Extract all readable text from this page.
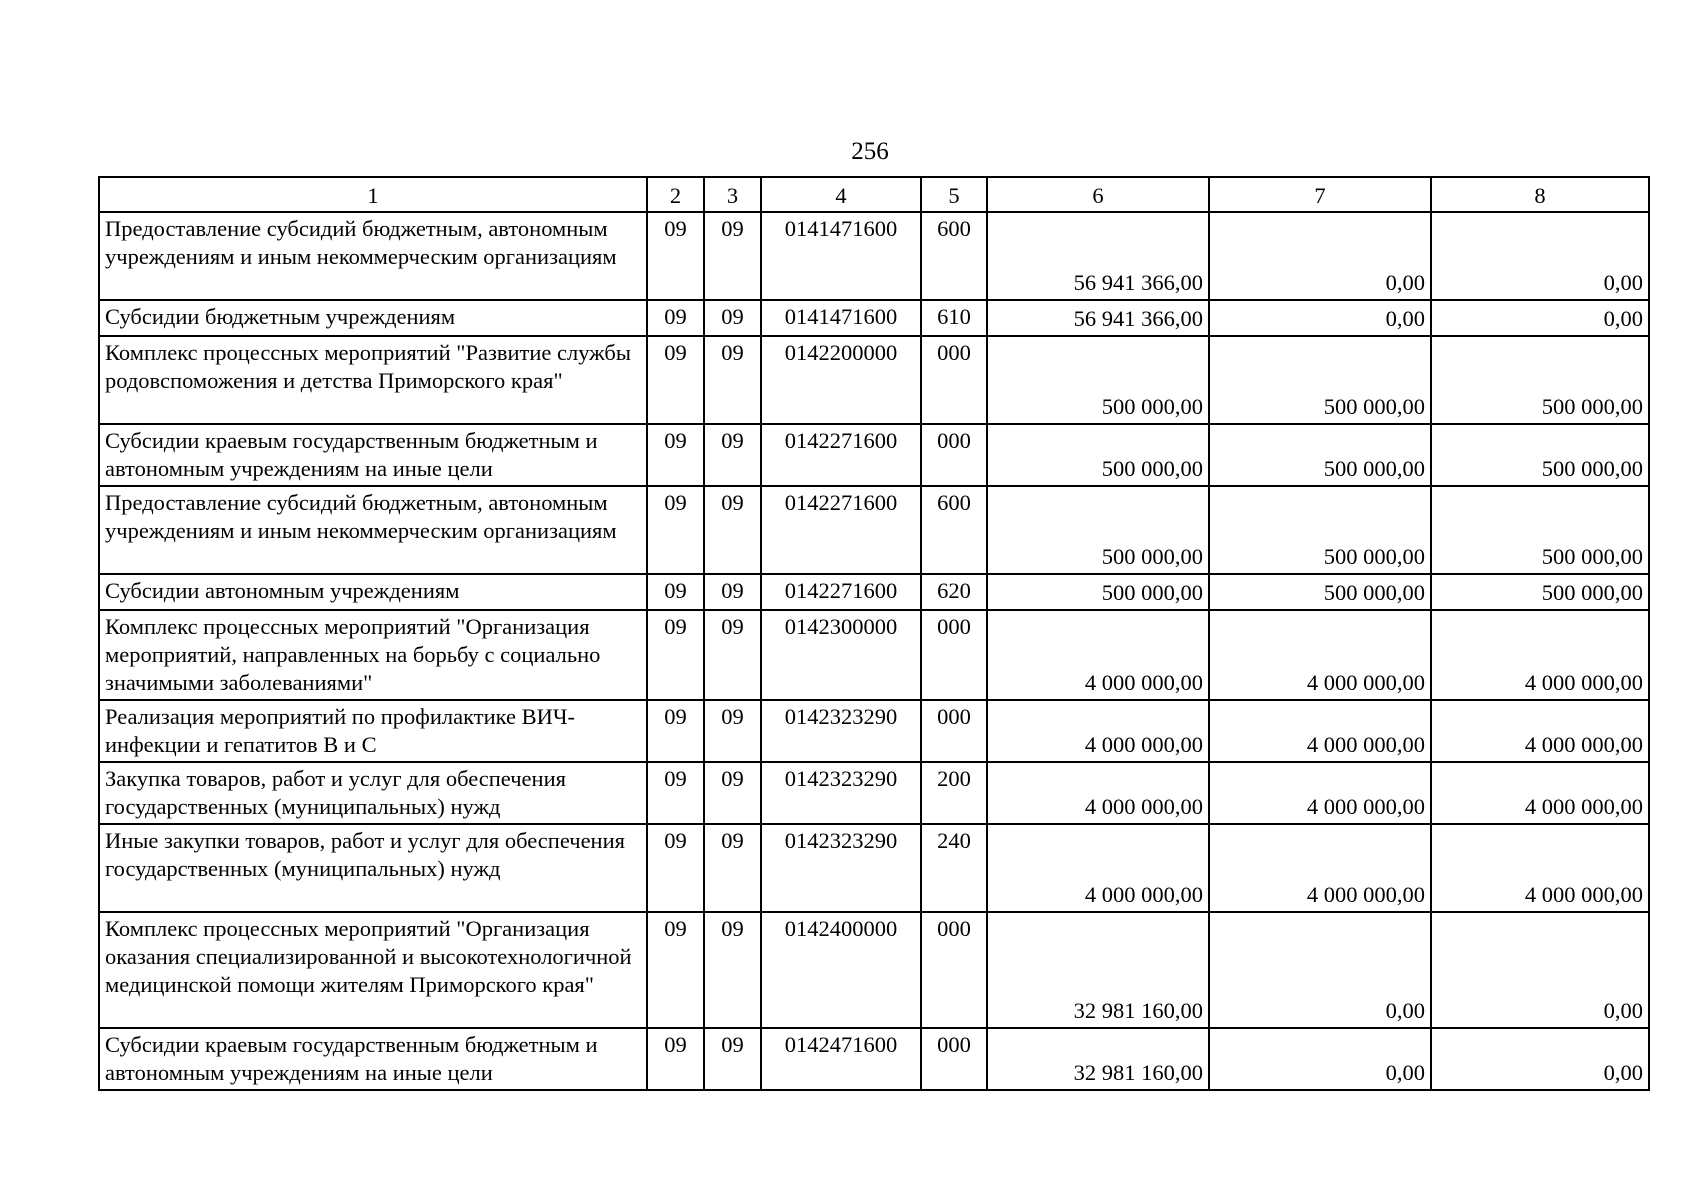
256
1	2	3	4	5	6	7	8
Предоставление субсидий бюджетным, автономным учреждениям и иным некоммерческим организациям	09	09	0141471600	600	56 941 366,00	0,00	0,00
Субсидии бюджетным учреждениям	09	09	0141471600	610	56 941 366,00	0,00	0,00
Комплекс процессных мероприятий "Развитие службы родовспоможения и детства Приморского края"	09	09	0142200000	000	500 000,00	500 000,00	500 000,00
Субсидии краевым государственным бюджетным и автономным учреждениям на иные цели	09	09	0142271600	000	500 000,00	500 000,00	500 000,00
Предоставление субсидий бюджетным, автономным учреждениям и иным некоммерческим организациям	09	09	0142271600	600	500 000,00	500 000,00	500 000,00
Субсидии автономным учреждениям	09	09	0142271600	620	500 000,00	500 000,00	500 000,00
Комплекс процессных мероприятий "Организация мероприятий, направленных на борьбу с социально значимыми заболеваниями"	09	09	0142300000	000	4 000 000,00	4 000 000,00	4 000 000,00
Реализация мероприятий по профилактике ВИЧ-инфекции и гепатитов В и С	09	09	0142323290	000	4 000 000,00	4 000 000,00	4 000 000,00
Закупка товаров, работ и услуг для обеспечения государственных (муниципальных) нужд	09	09	0142323290	200	4 000 000,00	4 000 000,00	4 000 000,00
Иные закупки товаров, работ и услуг для обеспечения государственных (муниципальных) нужд	09	09	0142323290	240	4 000 000,00	4 000 000,00	4 000 000,00
Комплекс процессных мероприятий "Организация оказания специализированной и высокотехнологичной медицинской помощи жителям Приморского края"	09	09	0142400000	000	32 981 160,00	0,00	0,00
Субсидии краевым государственным бюджетным и автономным учреждениям на иные цели	09	09	0142471600	000	32 981 160,00	0,00	0,00
